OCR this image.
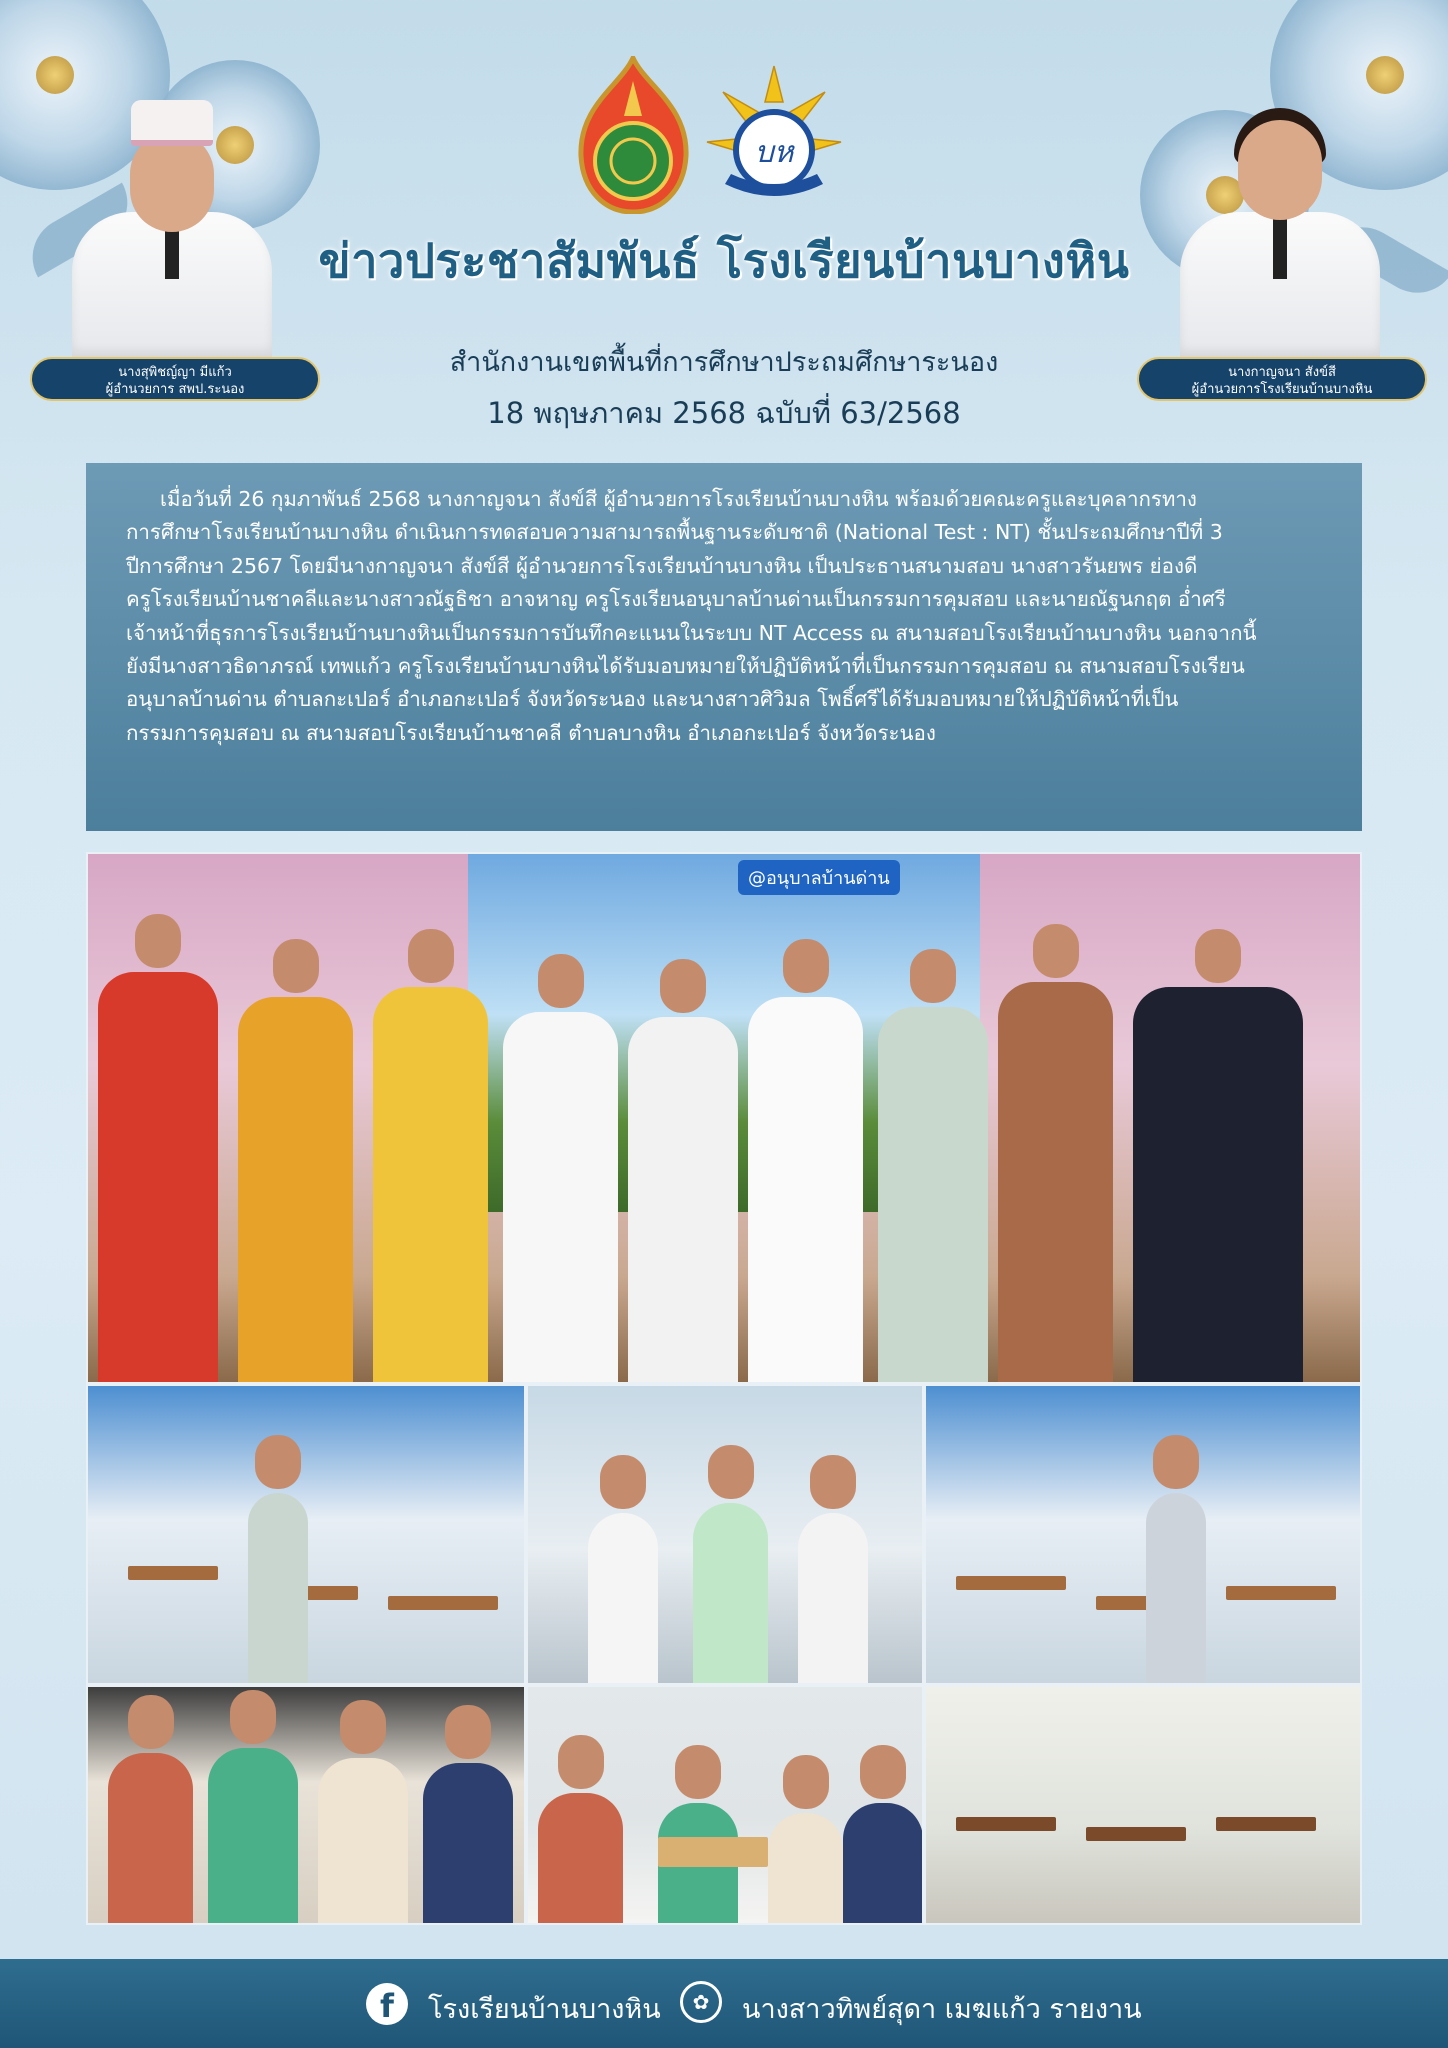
นางสุพิชญ์ญา มีแก้ว
ผู้อำนวยการ สพป.ระนอง
นางกาญจนา สังข์สี
ผู้อำนวยการโรงเรียนบ้านบางหิน
บห
ข่าวประชาสัมพันธ์ โรงเรียนบ้านบางหิน
สำนักงานเขตพื้นที่การศึกษาประถมศึกษาระนอง
18 พฤษภาคม 2568 ฉบับที่ 63/2568

เมื่อวันที่ 26 กุมภาพันธ์ 2568 นางกาญจนา สังข์สี ผู้อำนวยการโรงเรียนบ้านบางหิน พร้อมด้วยคณะครูและบุคลากรทาง
การศึกษาโรงเรียนบ้านบางหิน ดำเนินการทดสอบความสามารถพื้นฐานระดับชาติ (National Test : NT) ชั้นประถมศึกษาปีที่ 3
ปีการศึกษา 2567 โดยมีนางกาญจนา สังข์สี ผู้อำนวยการโรงเรียนบ้านบางหิน เป็นประธานสนามสอบ นางสาวรันยพร ย่องดี
ครูโรงเรียนบ้านชาคลีและนางสาวณัฐธิชา อาจหาญ ครูโรงเรียนอนุบาลบ้านด่านเป็นกรรมการคุมสอบ และนายณัฐนกฤต อ่ำศรี
เจ้าหน้าที่ธุรการโรงเรียนบ้านบางหินเป็นกรรมการบันทึกคะแนนในระบบ NT Access ณ สนามสอบโรงเรียนบ้านบางหิน นอกจากนี้
ยังมีนางสาวธิดาภรณ์ เทพแก้ว ครูโรงเรียนบ้านบางหินได้รับมอบหมายให้ปฏิบัติหน้าที่เป็นกรรมการคุมสอบ ณ สนามสอบโรงเรียน
อนุบาลบ้านด่าน ตำบลกะเปอร์ อำเภอกะเปอร์ จังหวัดระนอง และนางสาวศิวิมล โพธิ์ศรีได้รับมอบหมายให้ปฏิบัติหน้าที่เป็น
กรรมการคุมสอบ ณ สนามสอบโรงเรียนบ้านชาคลี ตำบลบางหิน อำเภอกะเปอร์ จังหวัดระนอง

@อนุบาลบ้านด่าน
f	โรงเรียนบ้านบางหิน	✿	นางสาวทิพย์สุดา เมฆแก้ว รายงาน
